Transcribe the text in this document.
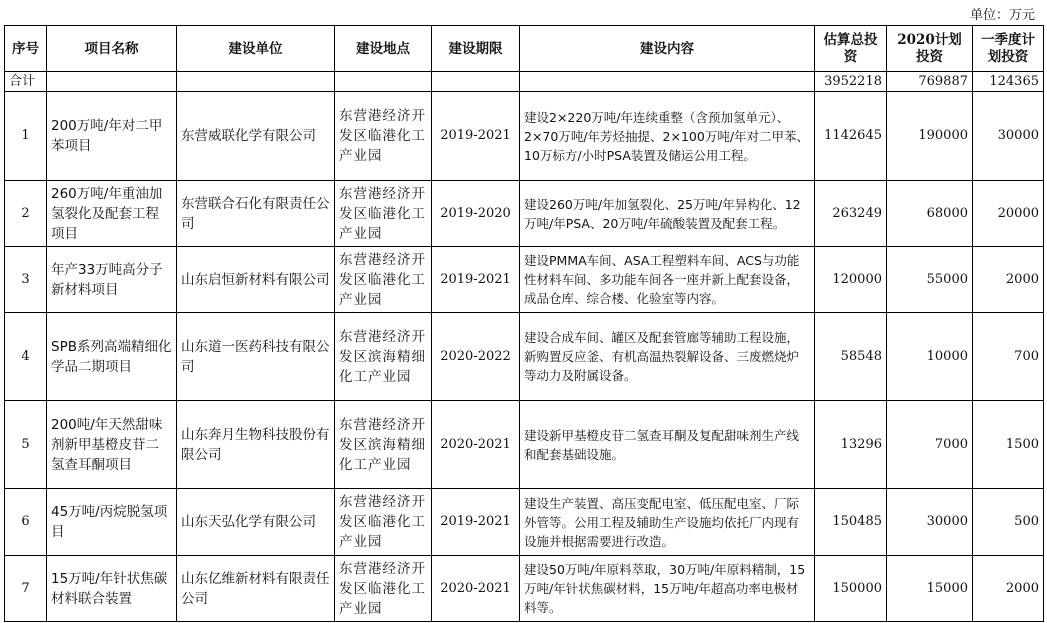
单位：万元
序号	项目名称	建设单位	建设地点	建设期限	建设内容	估算总投资	2020计划投资	一季度计划投资
合计						3952218	769887	124365
1	200万吨/年对二甲苯项目	东营威联化学有限公司	东营港经济开发区临港化工产业园	2019-2021	建设2×220万吨/年连续重整（含预加氢单元）、2×70万吨/年芳烃抽提、2×100万吨/年对二甲苯、10万标方/小时PSA装置及储运公用工程。	1142645	190000	30000
2	260万吨/年重油加氢裂化及配套工程项目	东营联合石化有限责任公司	东营港经济开发区临港化工产业园	2019-2020	建设260万吨/年加氢裂化、25万吨/年异构化、12万吨/年PSA、20万吨/年硫酸装置及配套工程。	263249	68000	20000
3	年产33万吨高分子新材料项目	山东启恒新材料有限公司	东营港经济开发区临港化工产业园	2019-2021	建设PMMA车间、ASA工程塑料车间、ACS与功能性材料车间、多功能车间各一座并新上配套设备，成品仓库、综合楼、化验室等内容。	120000	55000	2000
4	SPB系列高端精细化学品二期项目	山东道一医药科技有限公司	东营港经济开发区滨海精细化工产业园	2020-2022	建设合成车间、罐区及配套管廊等辅助工程设施，新购置反应釜、有机高温热裂解设备、三废燃烧炉等动力及附属设备。	58548	10000	700
5	200吨/年天然甜味剂新甲基橙皮苷二氢查耳酮项目	山东奔月生物科技股份有限公司	东营港经济开发区滨海精细化工产业园	2020-2021	建设新甲基橙皮苷二氢查耳酮及复配甜味剂生产线和配套基础设施。	13296	7000	1500
6	45万吨/丙烷脱氢项目	山东天弘化学有限公司	东营港经济开发区临港化工产业园	2019-2021	建设生产装置、高压变配电室、低压配电室、厂际外管等。公用工程及辅助生产设施均依托厂内现有设施并根据需要进行改造。	150485	30000	500
7	15万吨/年针状焦碳材料联合装置	山东亿维新材料有限责任公司	东营港经济开发区临港化工产业园	2020-2021	建设50万吨/年原料萃取，30万吨/年原料精制，15万吨/年针状焦碳材料，15万吨/年超高功率电极材料等。	150000	15000	2000
